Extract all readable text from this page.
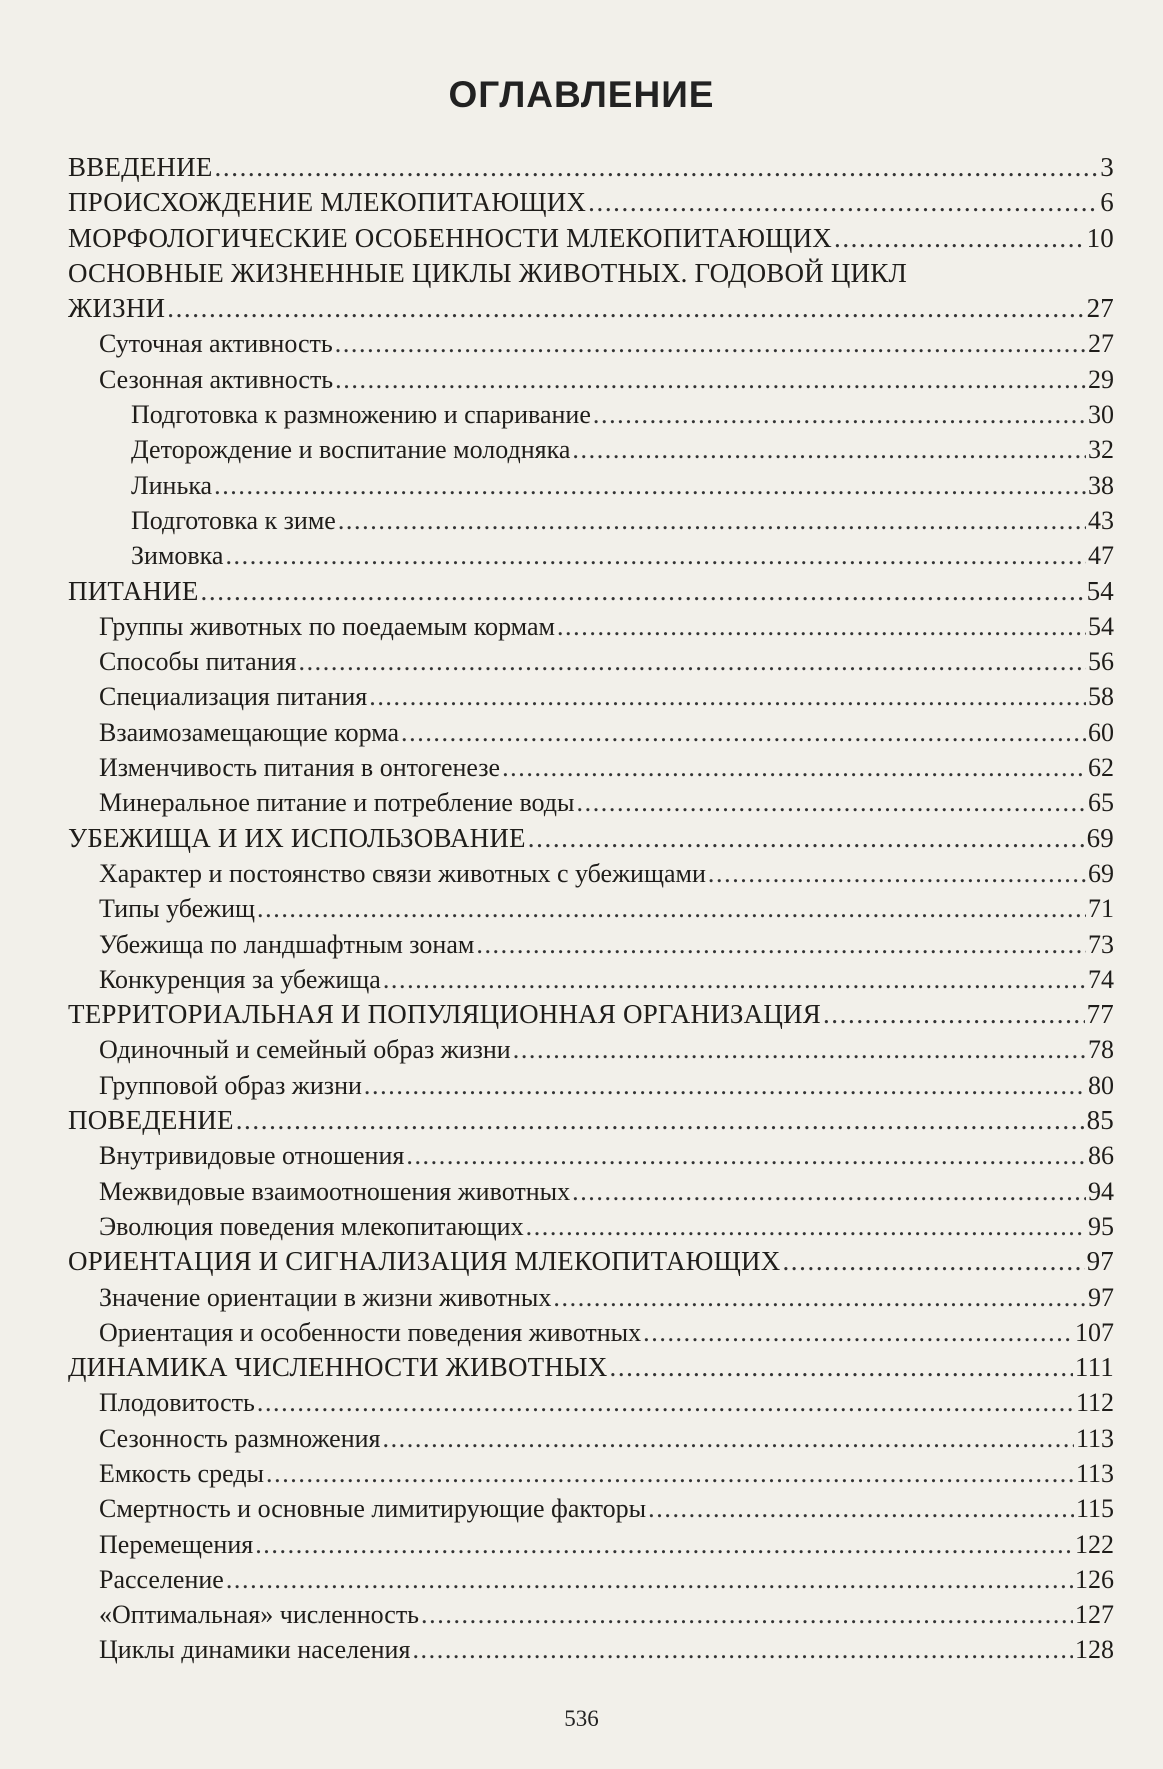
ОГЛАВЛЕНИЕ
ВВЕДЕНИЕ .....	3
ПРОИСХОЖДЕНИЕ МЛЕКОПИТАЮЩИХ .....	6
МОРФОЛОГИЧЕСКИЕ ОСОБЕННОСТИ МЛЕКОПИТАЮЩИХ .....	10
ОСНОВНЫЕ ЖИЗНЕННЫЕ ЦИКЛЫ ЖИВОТНЫХ. ГОДОВОЙ ЦИКЛ
ЖИЗНИ .....	27
Суточная активность .....	27
Сезонная активность .....	29
Подготовка к размножению и спаривание .....	30
Деторождение и воспитание молодняка .....	32
Линька .....	38
Подготовка к зиме .....	43
Зимовка .....	47
ПИТАНИЕ .....	54
Группы животных по поедаемым кормам .....	54
Способы питания .....	56
Специализация питания .....	58
Взаимозамещающие корма .....	60
Изменчивость питания в онтогенезе .....	62
Минеральное питание и потребление воды .....	65
УБЕЖИЩА И ИХ ИСПОЛЬЗОВАНИЕ .....	69
Характер и постоянство связи животных с убежищами .....	69
Типы убежищ .....	71
Убежища по ландшафтным зонам .....	73
Конкуренция за убежища .....	74
ТЕРРИТОРИАЛЬНАЯ И ПОПУЛЯЦИОННАЯ ОРГАНИЗАЦИЯ .....	77
Одиночный и семейный образ жизни .....	78
Групповой образ жизни .....	80
ПОВЕДЕНИЕ .....	85
Внутривидовые отношения .....	86
Межвидовые взаимоотношения животных .....	94
Эволюция поведения млекопитающих .....	95
ОРИЕНТАЦИЯ И СИГНАЛИЗАЦИЯ МЛЕКОПИТАЮЩИХ .....	97
Значение ориентации в жизни животных .....	97
Ориентация и особенности поведения животных .....	107
ДИНАМИКА ЧИСЛЕННОСТИ ЖИВОТНЫХ .....	111
Плодовитость .....	112
Сезонность размножения .....	113
Емкость среды .....	113
Смертность и основные лимитирующие факторы .....	115
Перемещения .....	122
Расселение .....	126
«Оптимальная» численность .....	127
Циклы динамики населения .....	128
536
